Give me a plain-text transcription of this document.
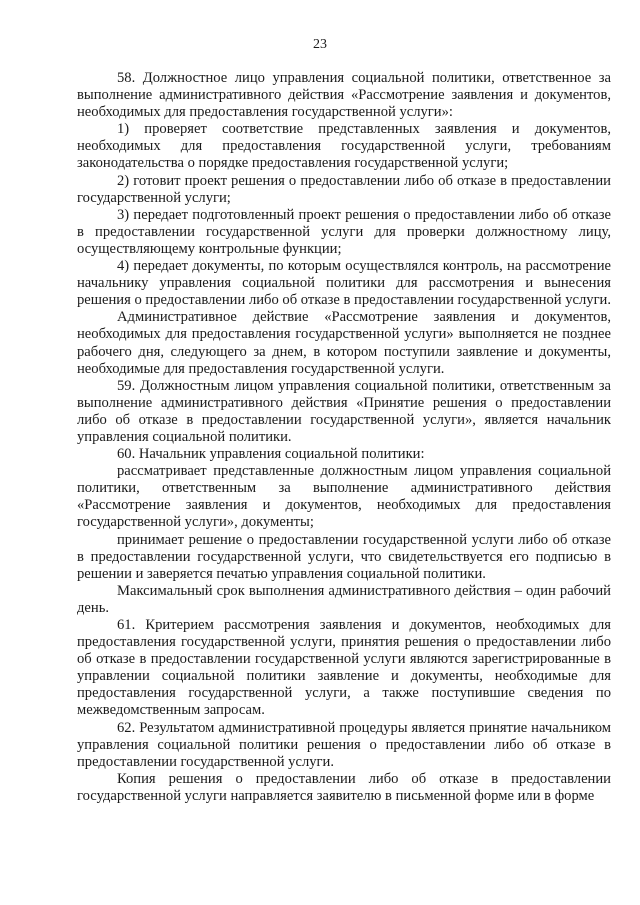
23

58. Должностное лицо управления социальной политики, ответственное за выполнение административного действия «Рассмотрение заявления и документов, необходимых для предоставления государственной услуги»:

1) проверяет соответствие представленных заявления и документов, необходимых для предоставления государственной услуги, требованиям законодательства о порядке предоставления государственной услуги;

2) готовит проект решения о предоставлении либо об отказе в предоставлении государственной услуги;

3) передает подготовленный проект решения о предоставлении либо об отказе в предоставлении государственной услуги для проверки должностному лицу, осуществляющему контрольные функции;

4) передает документы, по которым осуществлялся контроль, на рассмотрение начальнику управления социальной политики для рассмотрения и вынесения решения о предоставлении либо об отказе в предоставлении государственной услуги.

Административное действие «Рассмотрение заявления и документов, необходимых для предоставления государственной услуги» выполняется не позднее рабочего дня, следующего за днем, в котором поступили заявление и документы, необходимые для предоставления государственной услуги.

59. Должностным лицом управления социальной политики, ответственным за выполнение административного действия «Принятие решения о предоставлении либо об отказе в предоставлении государственной услуги», является начальник управления социальной политики.

60. Начальник управления социальной политики:

рассматривает представленные должностным лицом управления социальной политики, ответственным за выполнение административного действия «Рассмотрение заявления и документов, необходимых для предоставления государственной услуги», документы;

принимает решение о предоставлении государственной услуги либо об отказе в предоставлении государственной услуги, что свидетельствуется его подписью в решении и заверяется печатью управления социальной политики.

Максимальный срок выполнения административного действия – один рабочий день.

61. Критерием рассмотрения заявления и документов, необходимых для предоставления государственной услуги, принятия решения о предоставлении либо об отказе в предоставлении государственной услуги являются зарегистрированные в управлении социальной политики заявление и документы, необходимые для предоставления государственной услуги, а также поступившие сведения по межведомственным запросам.

62. Результатом административной процедуры является принятие начальником управления социальной политики решения о предоставлении либо об отказе в предоставлении государственной услуги.

Копия решения о предоставлении либо об отказе в предоставлении государственной услуги направляется заявителю в письменной форме или в форме
